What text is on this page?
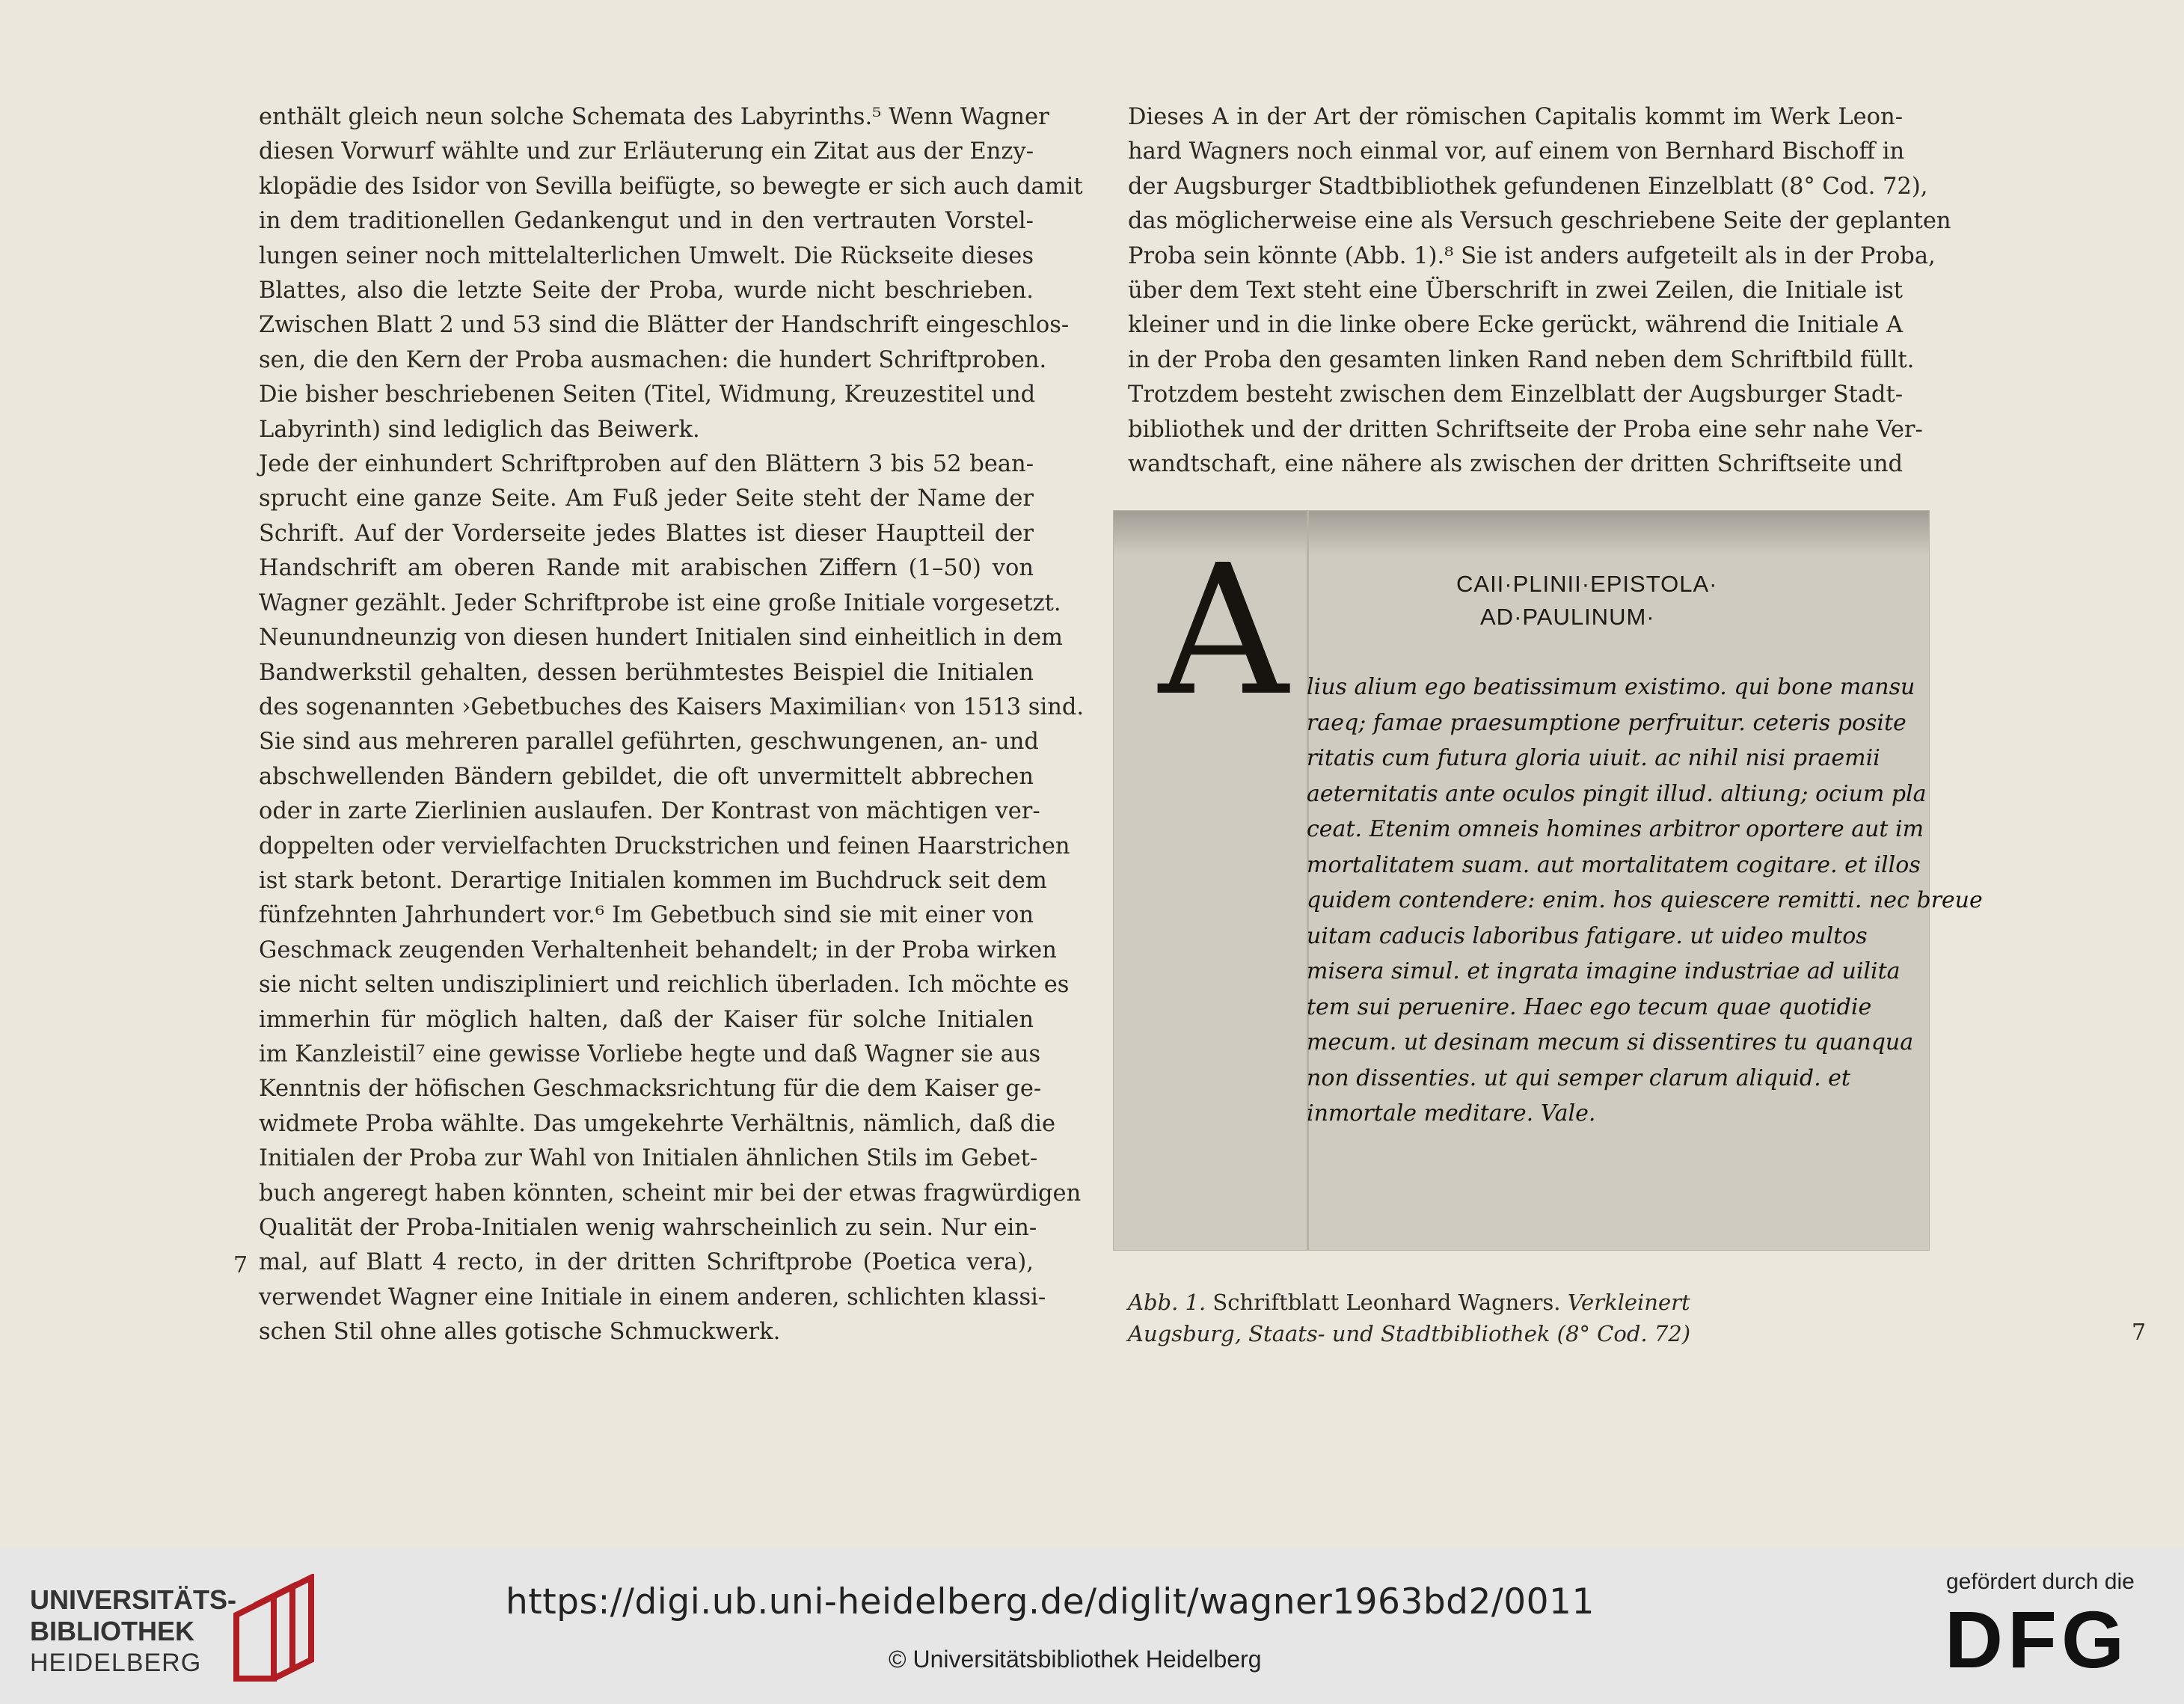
enthält gleich neun solche Schemata des Labyrinths.⁵ Wenn Wagner
diesen Vorwurf wählte und zur Erläuterung ein Zitat aus der Enzy-
klopädie des Isidor von Sevilla beifügte, so bewegte er sich auch damit
in dem traditionellen Gedankengut und in den vertrauten Vorstel-
lungen seiner noch mittelalterlichen Umwelt. Die Rückseite dieses
Blattes, also die letzte Seite der Proba, wurde nicht beschrieben.
Zwischen Blatt 2 und 53 sind die Blätter der Handschrift eingeschlos-
sen, die den Kern der Proba ausmachen: die hundert Schriftproben.
Die bisher beschriebenen Seiten (Titel, Widmung, Kreuzestitel und
Labyrinth) sind lediglich das Beiwerk.
Jede der einhundert Schriftproben auf den Blättern 3 bis 52 bean-
sprucht eine ganze Seite. Am Fuß jeder Seite steht der Name der
Schrift. Auf der Vorderseite jedes Blattes ist dieser Hauptteil der
Handschrift am oberen Rande mit arabischen Ziffern (1–50) von
Wagner gezählt. Jeder Schriftprobe ist eine große Initiale vorgesetzt.
Neunundneunzig von diesen hundert Initialen sind einheitlich in dem
Bandwerkstil gehalten, dessen berühmtestes Beispiel die Initialen
des sogenannten ›Gebetbuches des Kaisers Maximilian‹ von 1513 sind.
Sie sind aus mehreren parallel geführten, geschwungenen, an- und
abschwellenden Bändern gebildet, die oft unvermittelt abbrechen
oder in zarte Zierlinien auslaufen. Der Kontrast von mächtigen ver-
doppelten oder vervielfachten Druckstrichen und feinen Haarstrichen
ist stark betont. Derartige Initialen kommen im Buchdruck seit dem
fünfzehnten Jahrhundert vor.⁶ Im Gebetbuch sind sie mit einer von
Geschmack zeugenden Verhaltenheit behandelt; in der Proba wirken
sie nicht selten undiszipliniert und reichlich überladen. Ich möchte es
immerhin für möglich halten, daß der Kaiser für solche Initialen
im Kanzleistil⁷ eine gewisse Vorliebe hegte und daß Wagner sie aus
Kenntnis der höfischen Geschmacksrichtung für die dem Kaiser ge-
widmete Proba wählte. Das umgekehrte Verhältnis, nämlich, daß die
Initialen der Proba zur Wahl von Initialen ähnlichen Stils im Gebet-
buch angeregt haben könnten, scheint mir bei der etwas fragwürdigen
Qualität der Proba-Initialen wenig wahrscheinlich zu sein. Nur ein-
mal, auf Blatt 4 recto, in der dritten Schriftprobe (Poetica vera),
verwendet Wagner eine Initiale in einem anderen, schlichten klassi-
schen Stil ohne alles gotische Schmuckwerk.

7

Dieses A in der Art der römischen Capitalis kommt im Werk Leon-
hard Wagners noch einmal vor, auf einem von Bernhard Bischoff in
der Augsburger Stadtbibliothek gefundenen Einzelblatt (8° Cod. 72),
das möglicherweise eine als Versuch geschriebene Seite der geplanten
Proba sein könnte (Abb. 1).⁸ Sie ist anders aufgeteilt als in der Proba,
über dem Text steht eine Überschrift in zwei Zeilen, die Initiale ist
kleiner und in die linke obere Ecke gerückt, während die Initiale A
in der Proba den gesamten linken Rand neben dem Schriftbild füllt.
Trotzdem besteht zwischen dem Einzelblatt der Augsburger Stadt-
bibliothek und der dritten Schriftseite der Proba eine sehr nahe Ver-
wandtschaft, eine nähere als zwischen der dritten Schriftseite und

CAII·PLINII·EPISTOLA·
AD·PAULINUM·
A lius alium ego beatissimum existimo. qui bone mansu
raeq; famae praesumptione perfruitur. ceteris posite
ritatis cum futura gloria uiuit. ac nihil nisi praemii
aeternitatis ante oculos pingit illud. altiung; ocium pla
ceat. Etenim omneis homines arbitror oportere aut im
mortalitatem suam. aut mortalitatem cogitare. et illos
quidem contendere: enim. hos quiescere remitti. nec breue
uitam caducis laboribus fatigare. ut uideo multos
misera simul. et ingrata imagine industriae ad uilita
tem sui peruenire. Haec ego tecum quae quotidie
mecum. ut desinam mecum si dissentires tu quanqua
non dissenties. ut qui semper clarum aliquid. et
inmortale meditare. Vale.
Abb. 1. Schriftblatt Leonhard Wagners. Verkleinert
Augsburg, Staats- und Stadtbibliothek (8° Cod. 72)	7
UNIVERSITÄTS-
BIBLIOTHEK
HEIDELBERG
https://digi.ub.uni-heidelberg.de/diglit/wagner1963bd2/0011
© Universitätsbibliothek Heidelberg
gefördert durch die
DFG
